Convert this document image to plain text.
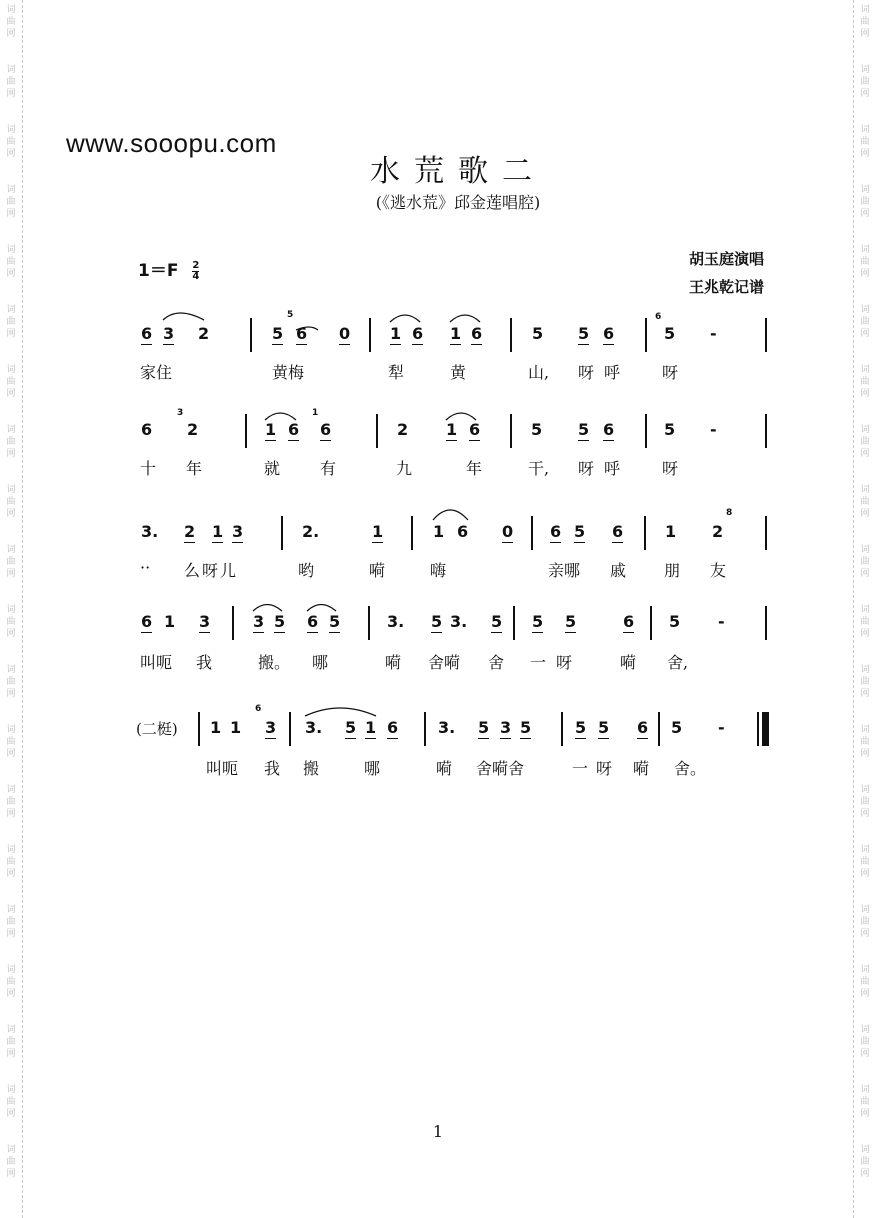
词
曲
网
词
曲
网
词
曲
网
词
曲
网
词
曲
网
词
曲
网
词
曲
网
词
曲
网
词
曲
网
词
曲
网
词
曲
网
词
曲
网
词
曲
网
词
曲
网
词
曲
网
词
曲
网
词
曲
网
词
曲
网
词
曲
网
词
曲
网
词
曲
网
词
曲
网
词
曲
网
词
曲
网
词
曲
网
词
曲
网
词
曲
网
词
曲
网
词
曲
网
词
曲
网
词
曲
网
词
曲
网
词
曲
网
词
曲
网
词
曲
网
词
曲
网
词
曲
网
词
曲
网
词
曲
网
词
曲
网
www.sooopu.com
水荒歌二
(《逃水荒》邱金莲唱腔)
$1=F \frac{2}{4}$
胡玉庭演唱
王兆乾记谱
6 3 2	5
5
6 0 1 6 1 6	5 5 6
6
5 -
家住	黄梅	犁	黄	山, 呀呼 呀
6
3
2	1 6
1
6	2 1 6	5 5 6	5 -
十 年	就 有	九	年	干, 呀呼 呀
3. 2 1 3	2.	1	1 6 0 6 5 6	1 2
8
·· 么呀儿	哟	嗬	嗨	亲哪 戚 朋 友
6 1 3	3 5 6 5	3. 5 3. 5 5 5	6 5 -
叫呃 我	搬。 哪	嗬 舍嗬 舍 一呀 嗬 舍,
(二梃) 1 1
6
3 3. 5 1 6 3. 5 3 5	5 5 6 5 -
叫呃 我 搬	哪	嗬 舍嗬舍	一呀 嗬 舍。
1
